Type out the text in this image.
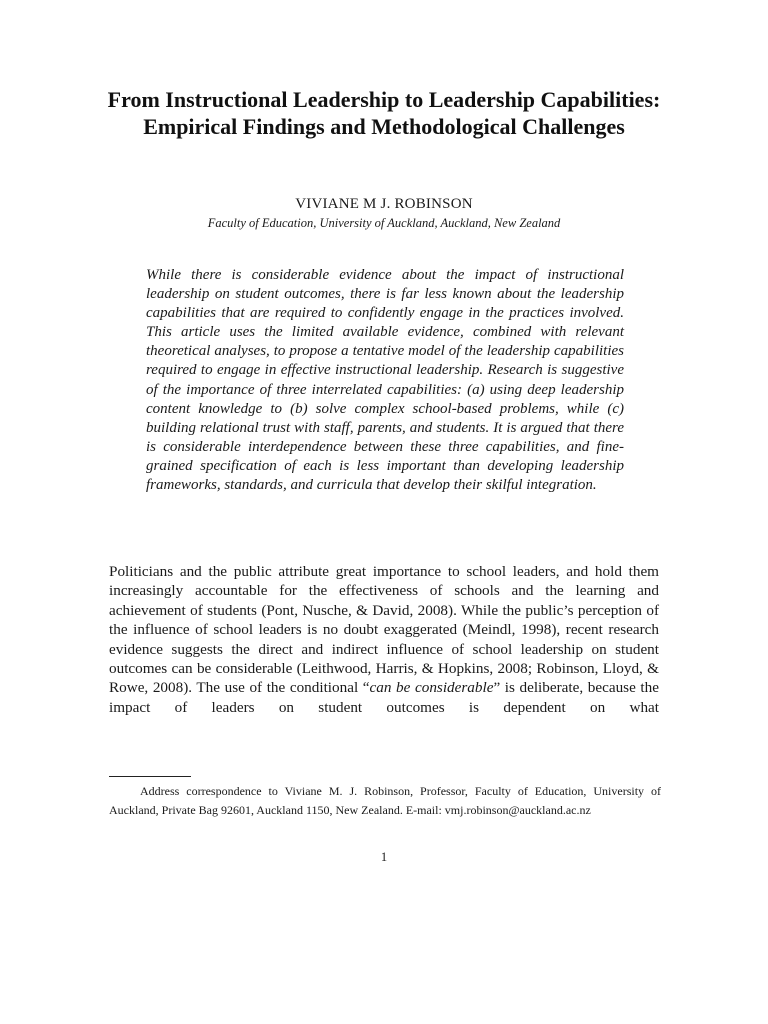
From Instructional Leadership to Leadership Capabilities: Empirical Findings and Methodological Challenges
VIVIANE M J. ROBINSON
Faculty of Education, University of Auckland, Auckland, New Zealand
While there is considerable evidence about the impact of instructional leadership on student outcomes, there is far less known about the leadership capabilities that are required to confidently engage in the practices involved. This article uses the limited available evidence, combined with relevant theoretical analyses, to propose a tentative model of the leadership capabilities required to engage in effective instructional leadership. Research is suggestive of the importance of three interrelated capabilities: (a) using deep leadership content knowledge to (b) solve complex school-based problems, while (c) building relational trust with staff, parents, and students. It is argued that there is considerable interdependence between these three capabilities, and fine-grained specification of each is less important than developing leadership frameworks, standards, and curricula that develop their skilful integration.
Politicians and the public attribute great importance to school leaders, and hold them increasingly accountable for the effectiveness of schools and the learning and achievement of students (Pont, Nusche, & David, 2008). While the public’s perception of the influence of school leaders is no doubt exaggerated (Meindl, 1998), recent research evidence suggests the direct and indirect influence of school leadership on student outcomes can be considerable (Leithwood, Harris, & Hopkins, 2008; Robinson, Lloyd, & Rowe, 2008). The use of the conditional “can be considerable” is deliberate, because the impact of leaders on student outcomes is dependent on what
Address correspondence to Viviane M. J. Robinson, Professor, Faculty of Education, University of Auckland, Private Bag 92601, Auckland 1150, New Zealand. E-mail: vmj.robinson@auckland.ac.nz
1
